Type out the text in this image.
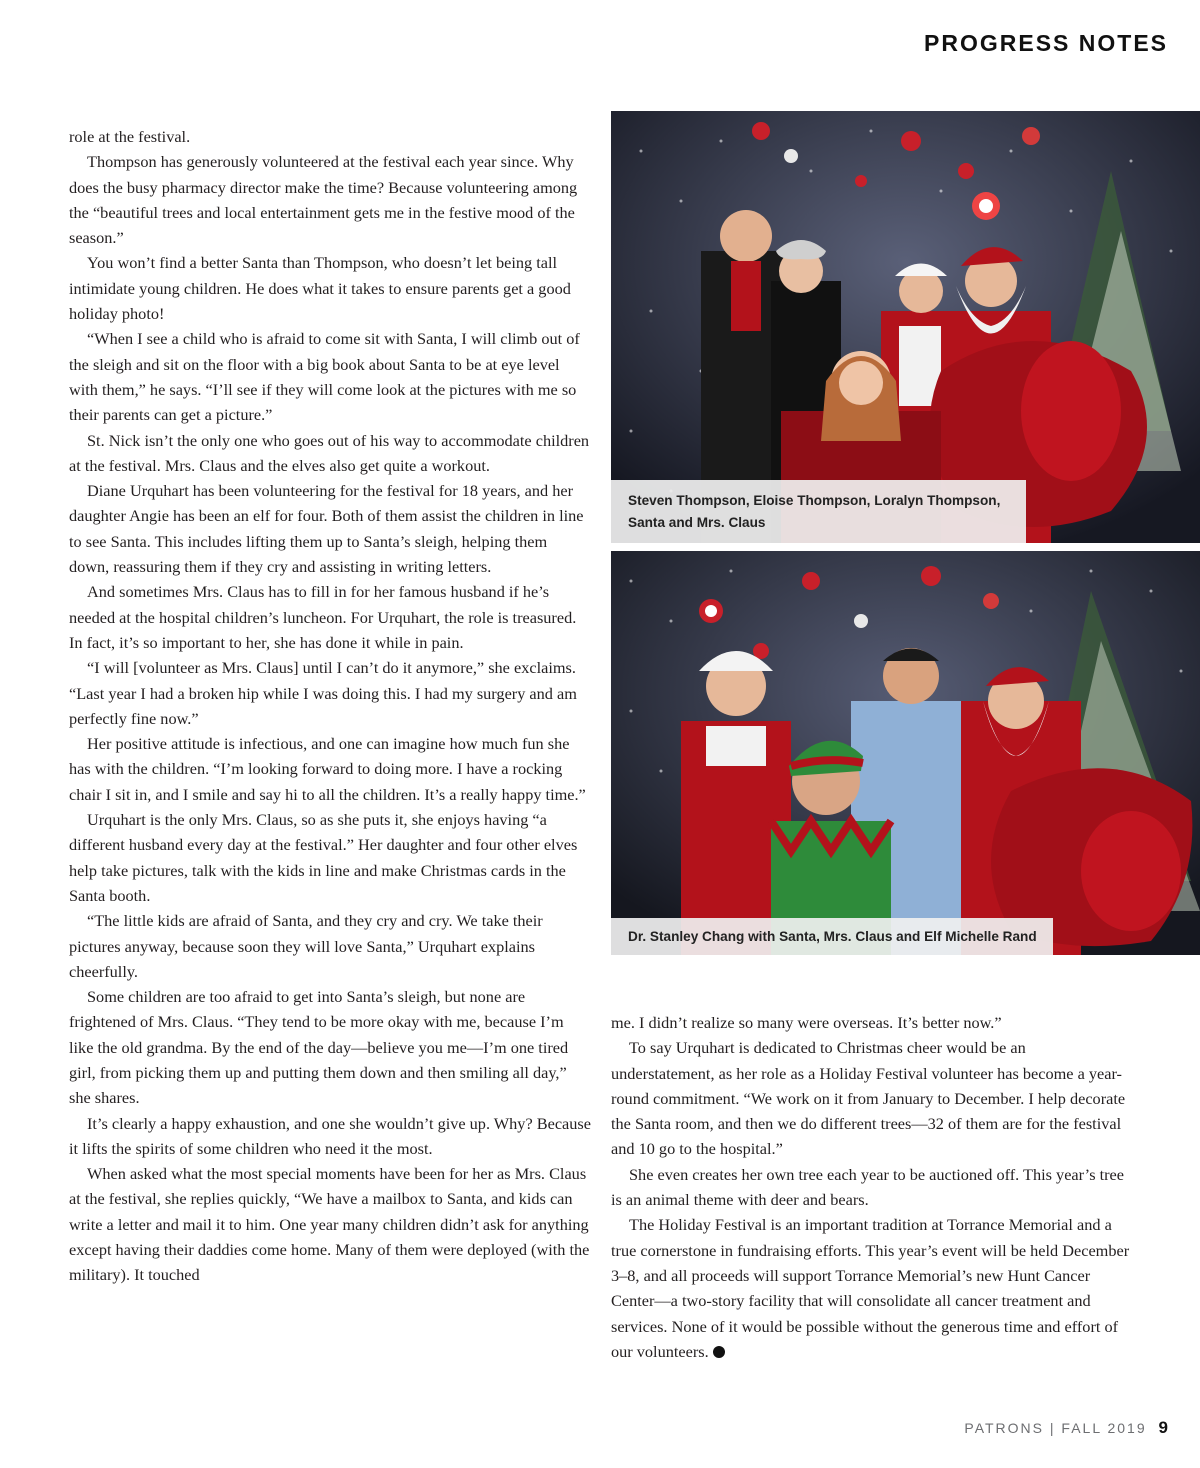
PROGRESS NOTES

role at the festival.

Thompson has generously volunteered at the festival each year since. Why does the busy pharmacy director make the time? Because volunteering among the “beautiful trees and local entertainment gets me in the festive mood of the season.”

You won’t find a better Santa than Thompson, who doesn’t let being tall intimidate young children. He does what it takes to ensure parents get a good holiday photo!

“When I see a child who is afraid to come sit with Santa, I will climb out of the sleigh and sit on the floor with a big book about Santa to be at eye level with them,” he says. “I’ll see if they will come look at the pictures with me so their parents can get a picture.”

St. Nick isn’t the only one who goes out of his way to accommodate children at the festival. Mrs. Claus and the elves also get quite a workout.

Diane Urquhart has been volunteering for the festival for 18 years, and her daughter Angie has been an elf for four. Both of them assist the children in line to see Santa. This includes lifting them up to Santa’s sleigh, helping them down, reassuring them if they cry and assisting in writing letters.

And sometimes Mrs. Claus has to fill in for her famous husband if he’s needed at the hospital children’s luncheon. For Urquhart, the role is treasured. In fact, it’s so important to her, she has done it while in pain.

“I will [volunteer as Mrs. Claus] until I can’t do it anymore,” she exclaims. “Last year I had a broken hip while I was doing this. I had my surgery and am perfectly fine now.”

Her positive attitude is infectious, and one can imagine how much fun she has with the children. “I’m looking forward to doing more. I have a rocking chair I sit in, and I smile and say hi to all the children. It’s a really happy time.”

Urquhart is the only Mrs. Claus, so as she puts it, she enjoys having “a different husband every day at the festival.” Her daughter and four other elves help take pictures, talk with the kids in line and make Christmas cards in the Santa booth.

“The little kids are afraid of Santa, and they cry and cry. We take their pictures anyway, because soon they will love Santa,” Urquhart explains cheerfully.

Some children are too afraid to get into Santa’s sleigh, but none are frightened of Mrs. Claus. “They tend to be more okay with me, because I’m like the old grandma. By the end of the day—believe you me—I’m one tired girl, from picking them up and putting them down and then smiling all day,” she shares.

It’s clearly a happy exhaustion, and one she wouldn’t give up. Why? Because it lifts the spirits of some children who need it the most.

When asked what the most special moments have been for her as Mrs. Claus at the festival, she replies quickly, “We have a mailbox to Santa, and kids can write a letter and mail it to him. One year many children didn’t ask for anything except having their daddies come home. Many of them were deployed (with the military). It touched

Steven Thompson, Eloise Thompson, Loralyn Thompson, Santa and Mrs. Claus
Dr. Stanley Chang with Santa, Mrs. Claus and Elf Michelle Rand

me. I didn’t realize so many were overseas. It’s better now.”

To say Urquhart is dedicated to Christmas cheer would be an understatement, as her role as a Holiday Festival volunteer has become a year-round commitment. “We work on it from January to December. I help decorate the Santa room, and then we do different trees—32 of them are for the festival and 10 go to the hospital.”

She even creates her own tree each year to be auctioned off. This year’s tree is an animal theme with deer and bears.

The Holiday Festival is an important tradition at Torrance Memorial and a true cornerstone in fundraising efforts. This year’s event will be held December 3–8, and all proceeds will support Torrance Memorial’s new Hunt Cancer Center—a two-story facility that will consolidate all cancer treatment and services. None of it would be possible without the generous time and effort of our volunteers.

PATRONS | FALL 2019 9
